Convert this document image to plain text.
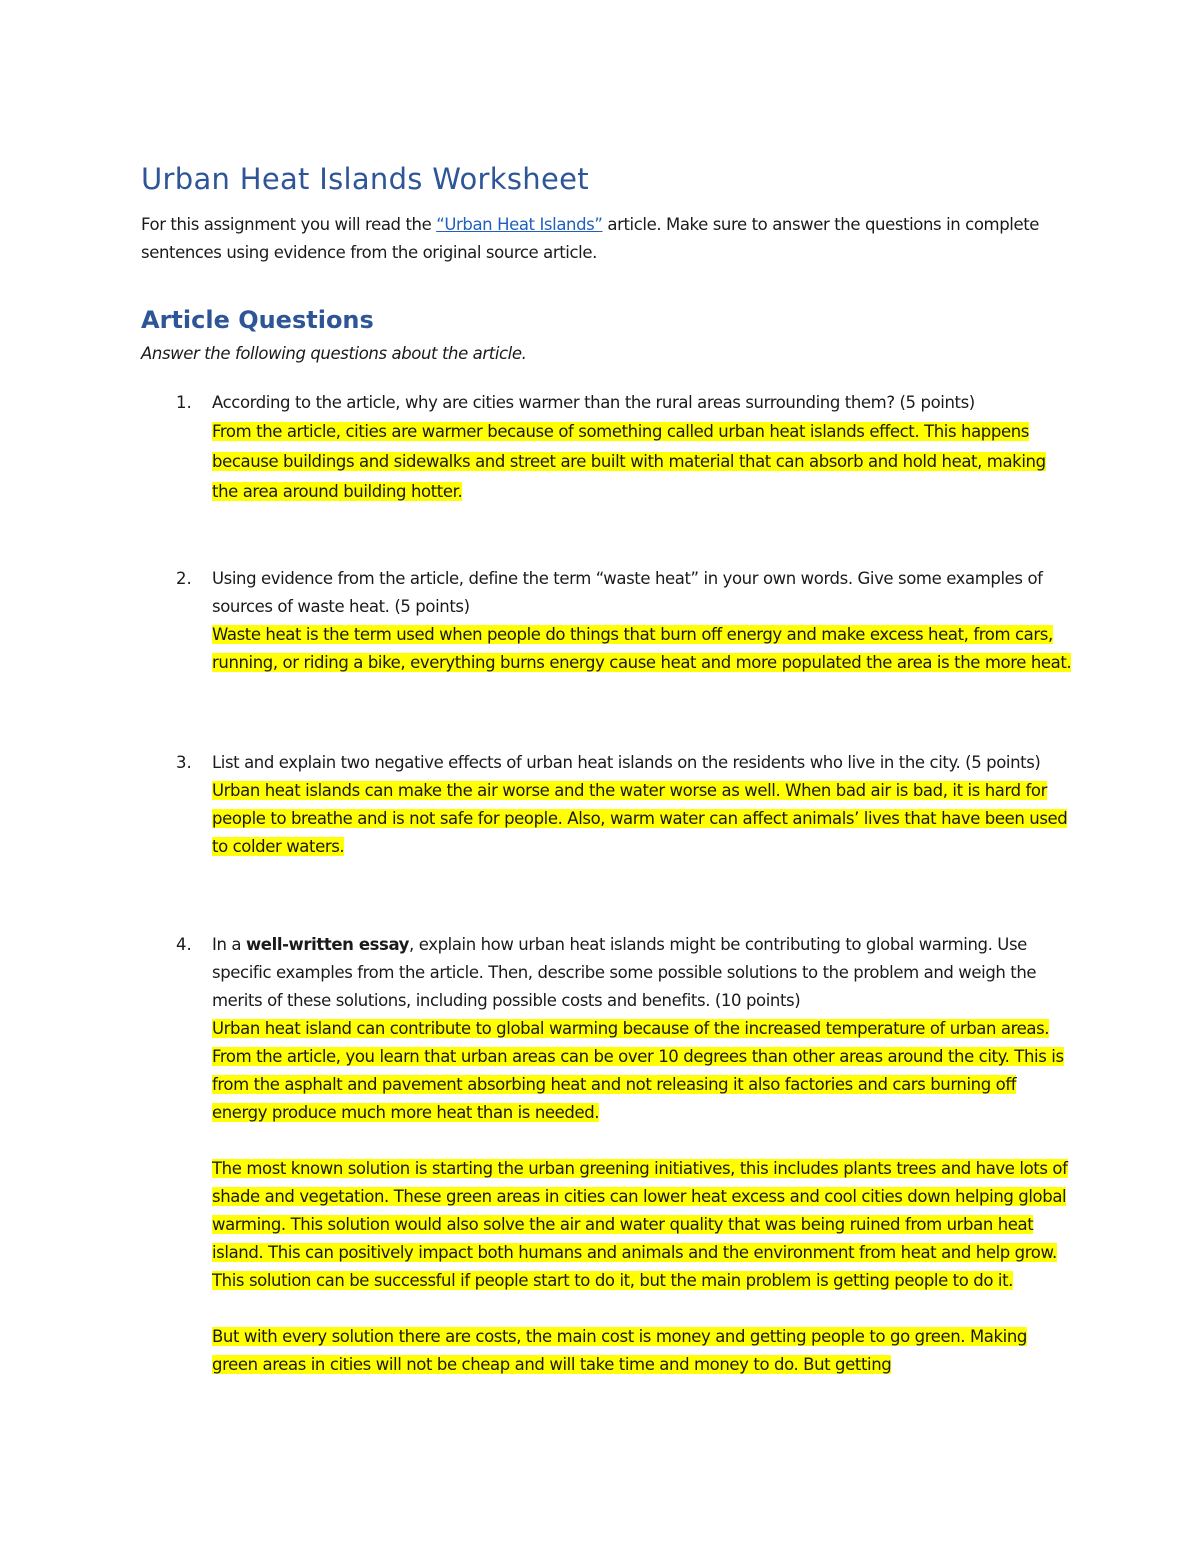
Urban Heat Islands Worksheet

For this assignment you will read the “Urban Heat Islands” article. Make sure to answer the questions in complete sentences using evidence from the original source article.

Article Questions

Answer the following questions about the article.

1. According to the article, why are cities warmer than the rural areas surrounding them? (5 points)

From the article, cities are warmer because of something called urban heat islands effect. This happens because buildings and sidewalks and street are built with material that can absorb and hold heat, making the area around building hotter.

2. Using evidence from the article, define the term “waste heat” in your own words. Give some examples of sources of waste heat. (5 points)

Waste heat is the term used when people do things that burn off energy and make excess heat, from cars, running, or riding a bike, everything burns energy cause heat and more populated the area is the more heat.

3. List and explain two negative effects of urban heat islands on the residents who live in the city. (5 points)

Urban heat islands can make the air worse and the water worse as well. When bad air is bad, it is hard for people to breathe and is not safe for people. Also, warm water can affect animals’ lives that have been used to colder waters.

4. In a well-written essay, explain how urban heat islands might be contributing to global warming. Use specific examples from the article. Then, describe some possible solutions to the problem and weigh the merits of these solutions, including possible costs and benefits. (10 points)

Urban heat island can contribute to global warming because of the increased temperature of urban areas. From the article, you learn that urban areas can be over 10 degrees than other areas around the city. This is from the asphalt and pavement absorbing heat and not releasing it also factories and cars burning off energy produce much more heat than is needed.

The most known solution is starting the urban greening initiatives, this includes plants trees and have lots of shade and vegetation. These green areas in cities can lower heat excess and cool cities down helping global warming. This solution would also solve the air and water quality that was being ruined from urban heat island. This can positively impact both humans and animals and the environment from heat and help grow. This solution can be successful if people start to do it, but the main problem is getting people to do it.

But with every solution there are costs, the main cost is money and getting people to go green. Making green areas in cities will not be cheap and will take time and money to do. But getting
